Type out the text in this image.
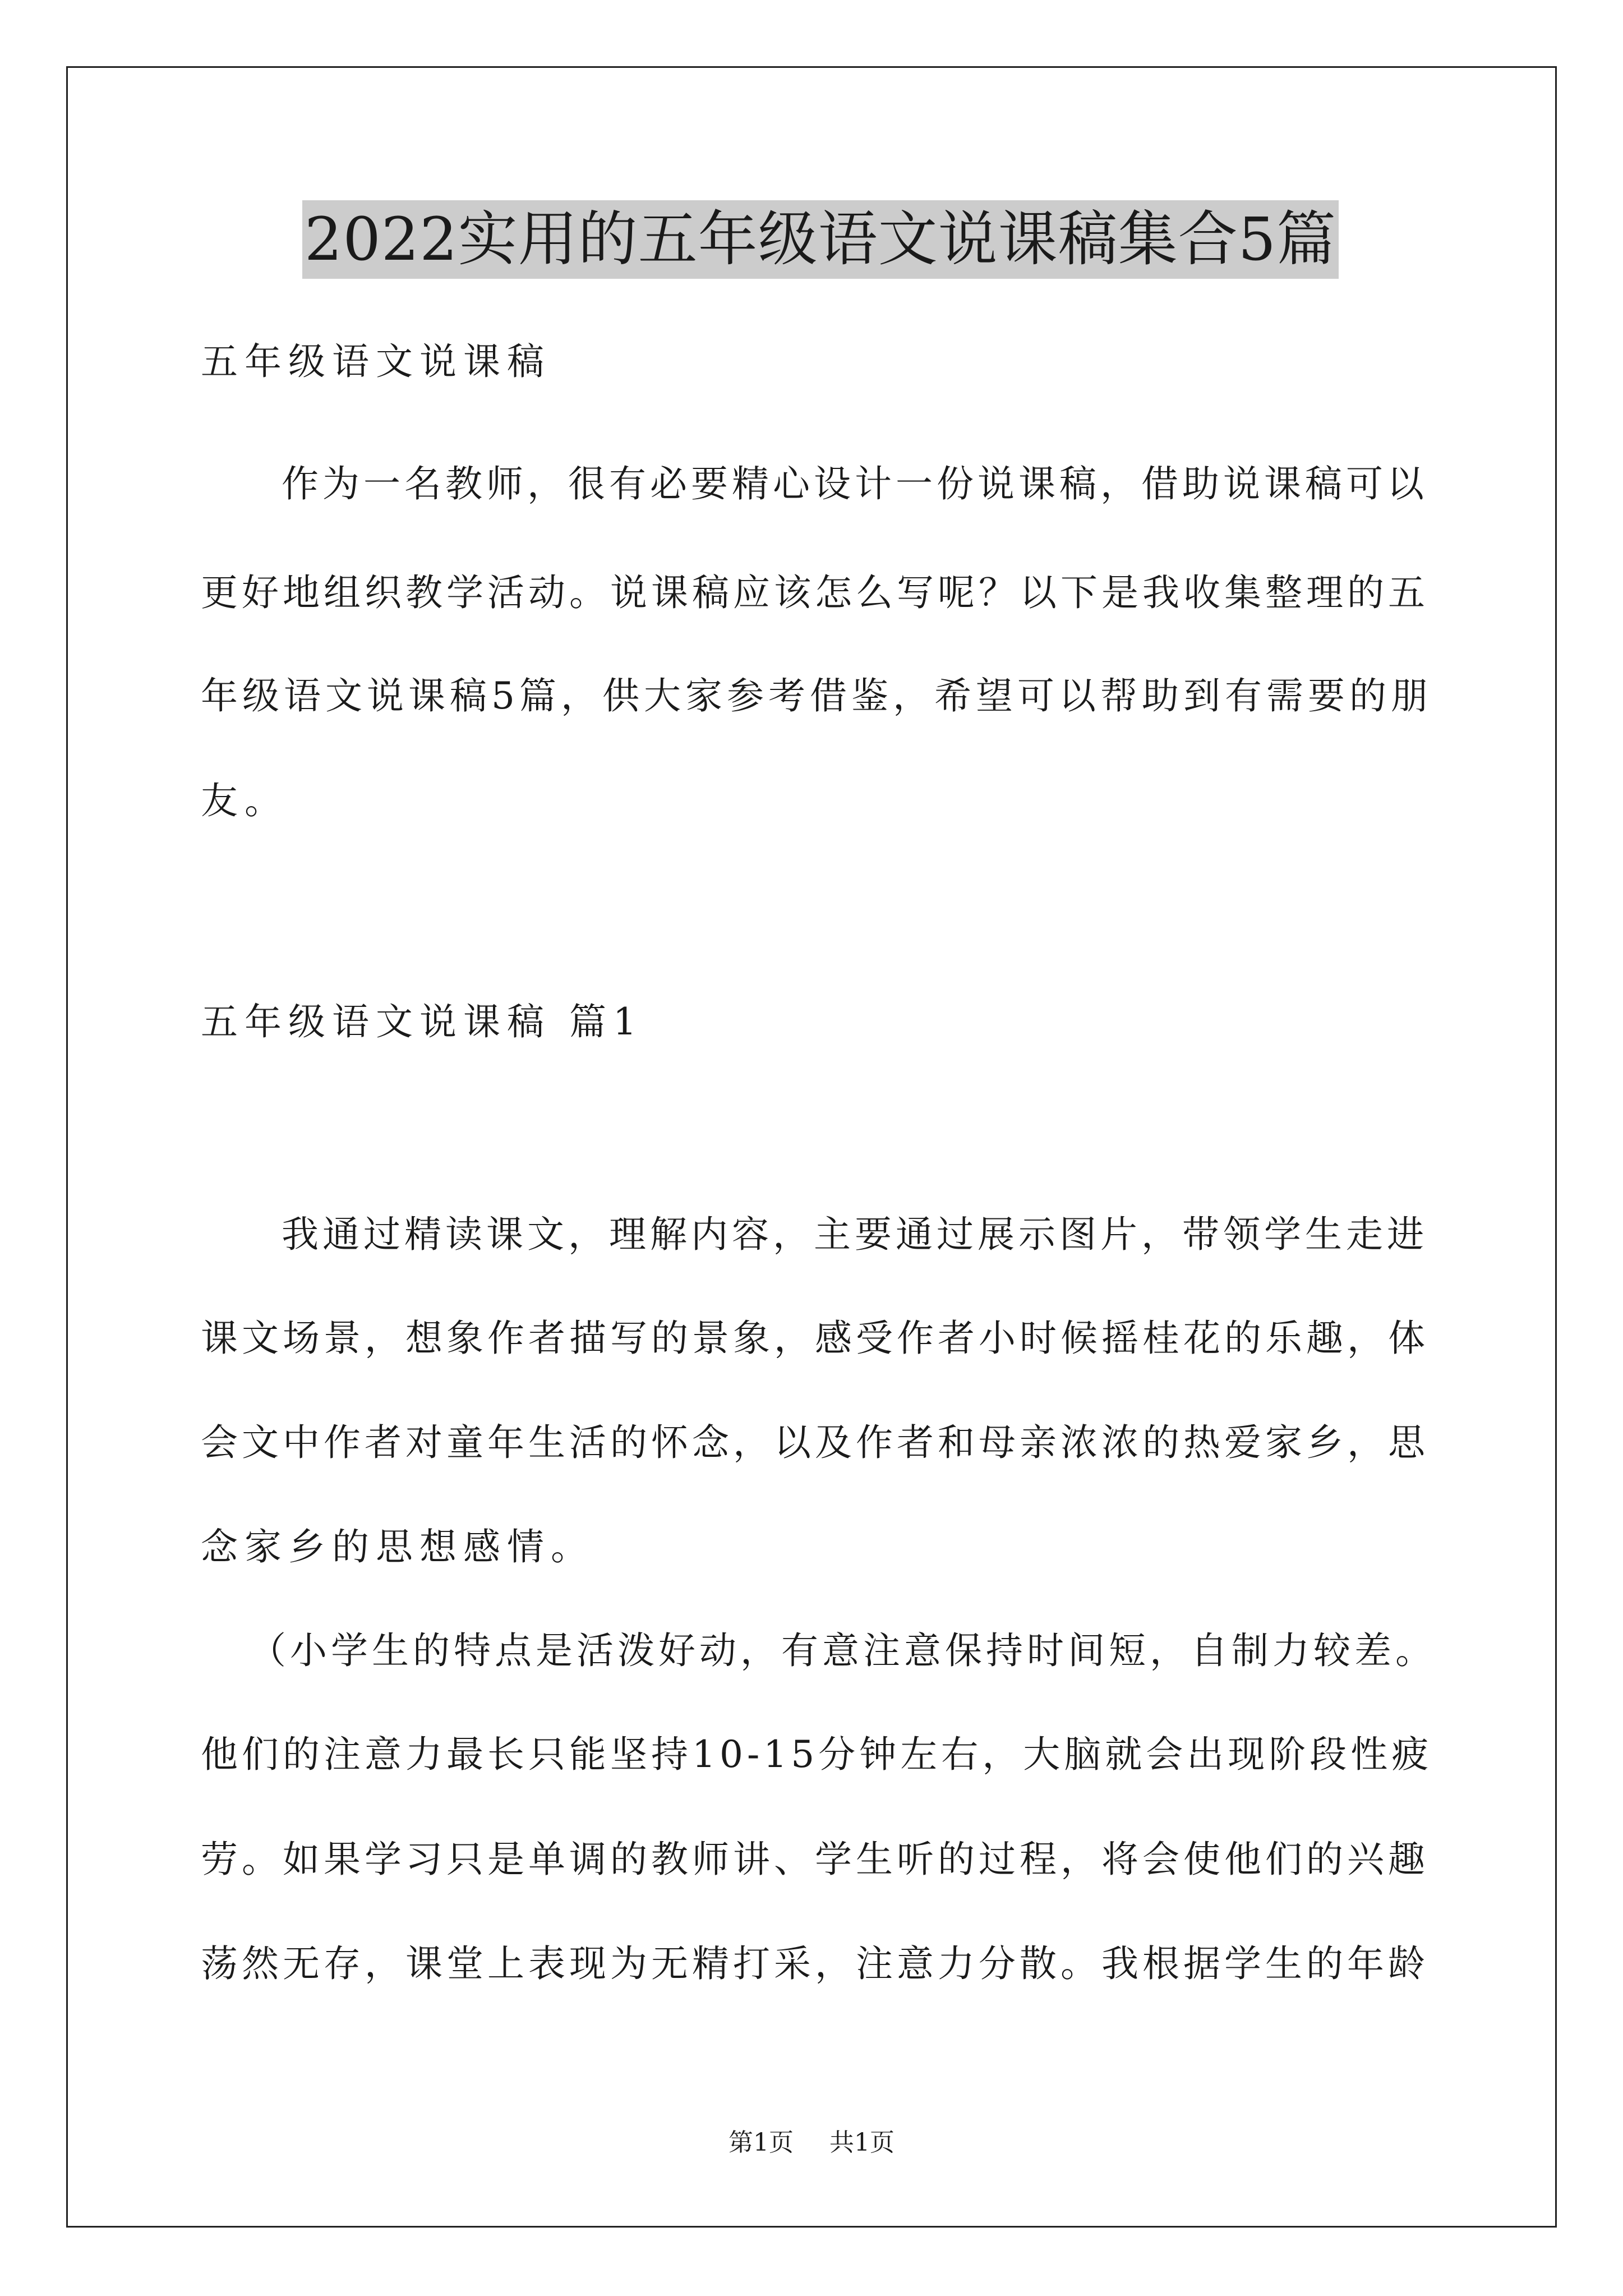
2022实用的五年级语文说课稿集合5篇
五年级语文说课稿
作为一名教师，很有必要精心设计一份说课稿，借助说课稿可以
更好地组织教学活动。说课稿应该怎么写呢？以下是我收集整理的五
年级语文说课稿5篇，供大家参考借鉴，希望可以帮助到有需要的朋
友。
五年级语文说课稿 篇1
我通过精读课文，理解内容，主要通过展示图片，带领学生走进
课文场景，想象作者描写的景象，感受作者小时候摇桂花的乐趣，体
会文中作者对童年生活的怀念，以及作者和母亲浓浓的热爱家乡，思
念家乡的思想感情。
（小学生的特点是活泼好动，有意注意保持时间短，自制力较差。
他们的注意力最长只能坚持10-15分钟左右，大脑就会出现阶段性疲
劳。如果学习只是单调的教师讲、学生听的过程，将会使他们的兴趣
荡然无存，课堂上表现为无精打采，注意力分散。我根据学生的年龄
第1页 共1页
